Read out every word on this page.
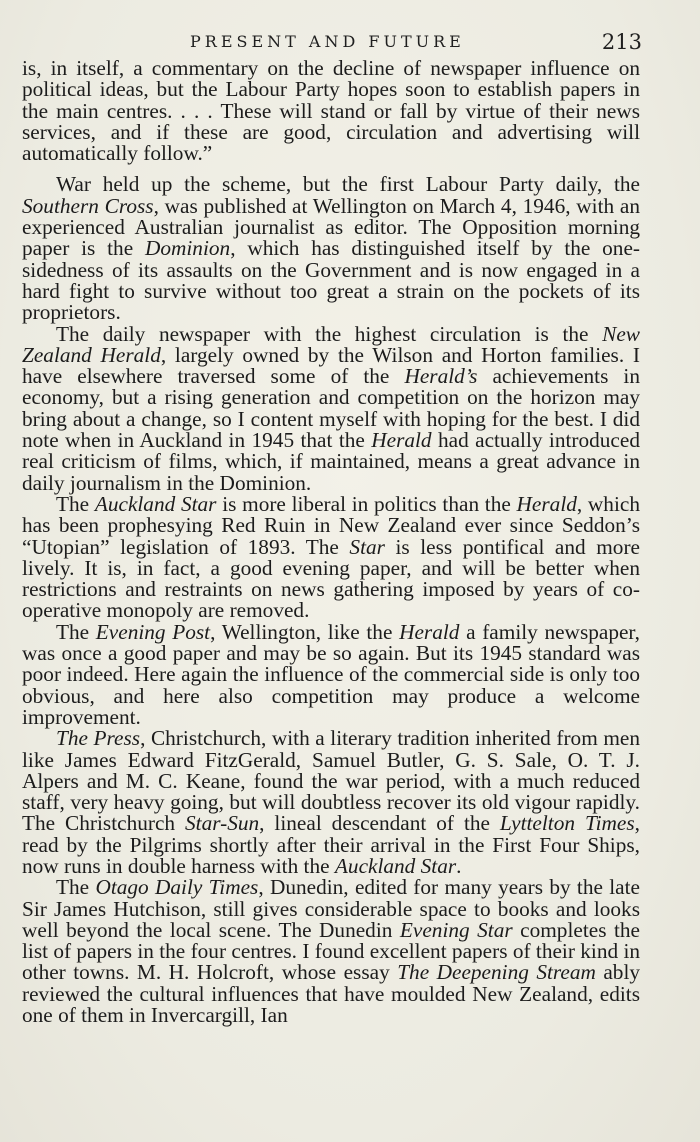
PRESENT AND FUTURE	213

is, in itself, a commentary on the decline of newspaper influence on political ideas, but the Labour Party hopes soon to establish papers in the main centres. . . . These will stand or fall by virtue of their news services, and if these are good, circulation and advertising will automatically follow.”

War held up the scheme, but the first Labour Party daily, the Southern Cross, was published at Wellington on March 4, 1946, with an experienced Australian journalist as editor. The Opposition morning paper is the Dominion, which has distinguished itself by the one-sidedness of its assaults on the Government and is now engaged in a hard fight to survive without too great a strain on the pockets of its proprietors.

The daily newspaper with the highest circulation is the New Zealand Herald, largely owned by the Wilson and Horton families. I have elsewhere traversed some of the Herald’s achievements in economy, but a rising generation and competition on the horizon may bring about a change, so I content myself with hoping for the best. I did note when in Auckland in 1945 that the Herald had actually introduced real criticism of films, which, if maintained, means a great advance in daily journalism in the Dominion.

The Auckland Star is more liberal in politics than the Herald, which has been prophesying Red Ruin in New Zealand ever since Seddon’s “Utopian” legislation of 1893. The Star is less pontifical and more lively. It is, in fact, a good evening paper, and will be better when restrictions and restraints on news gathering imposed by years of co-operative monopoly are removed.

The Evening Post, Wellington, like the Herald a family newspaper, was once a good paper and may be so again. But its 1945 standard was poor indeed. Here again the influence of the commercial side is only too obvious, and here also competition may produce a welcome improvement.

The Press, Christchurch, with a literary tradition inherited from men like James Edward FitzGerald, Samuel Butler, G. S. Sale, O. T. J. Alpers and M. C. Keane, found the war period, with a much reduced staff, very heavy going, but will doubtless recover its old vigour rapidly. The Christchurch Star-Sun, lineal descendant of the Lyttelton Times, read by the Pilgrims shortly after their arrival in the First Four Ships, now runs in double harness with the Auckland Star.

The Otago Daily Times, Dunedin, edited for many years by the late Sir James Hutchison, still gives considerable space to books and looks well beyond the local scene. The Dunedin Evening Star completes the list of papers in the four centres. I found excellent papers of their kind in other towns. M. H. Holcroft, whose essay The Deepening Stream ably reviewed the cultural influences that have moulded New Zealand, edits one of them in Invercargill, Ian
